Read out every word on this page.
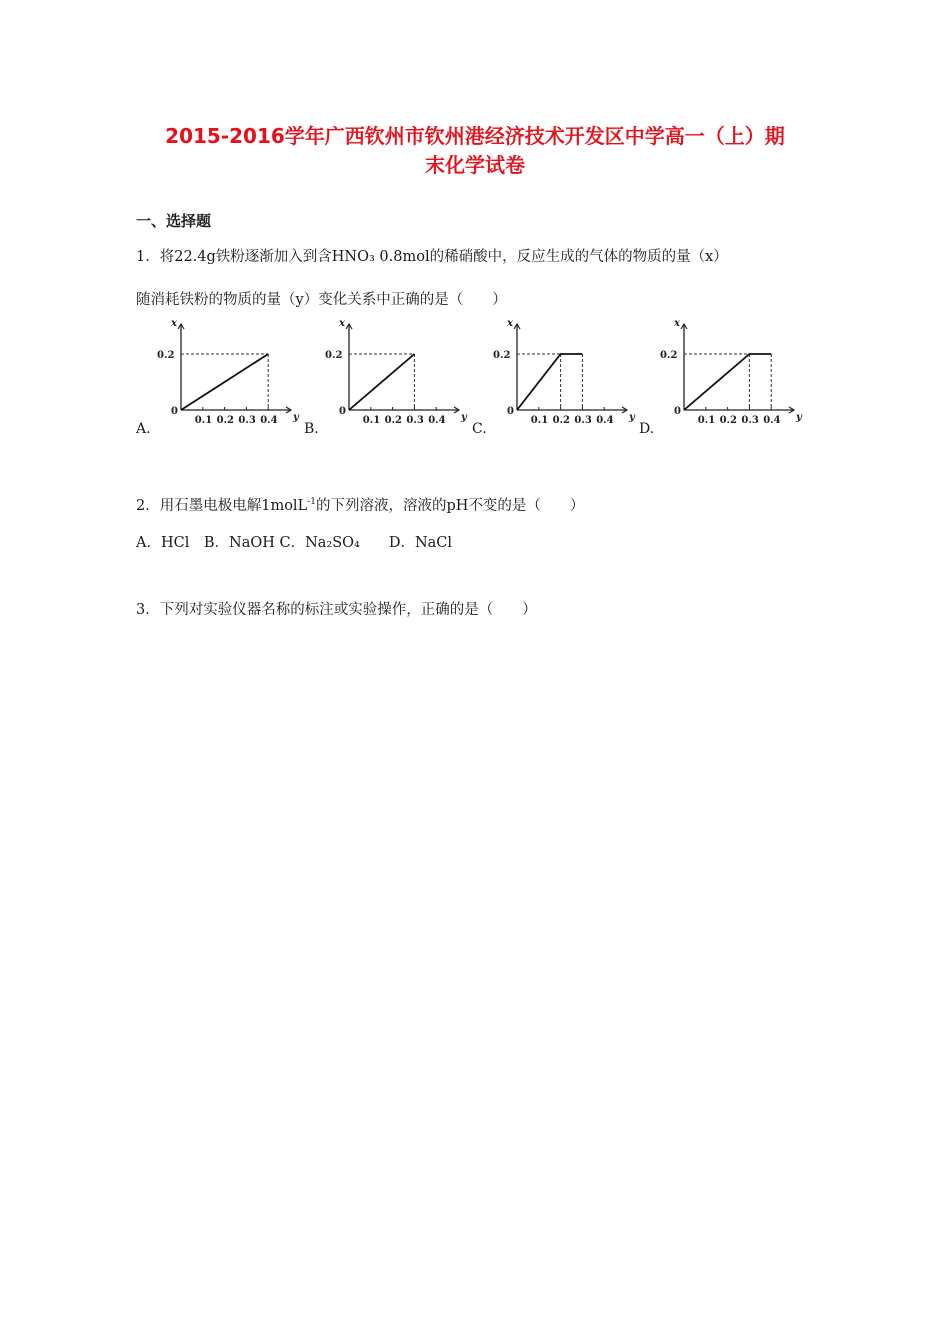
2015-2016学年广西钦州市钦州港经济技术开发区中学高一（上）期
末化学试卷
一、选择题
1．将22.4g铁粉逐渐加入到含HNO₃ 0.8mol的稀硝酸中，反应生成的气体的物质的量（x）
随消耗铁粉的物质的量（y）变化关系中正确的是（　　）
A.
y
x
0
0.1 0.2 0.3 0.4
0.2
B.
y
x
0
0.1 0.2 0.3 0.4
0.2
C.
y
x
0
0.1 0.2 0.3 0.4
0.2
D.
y
x
0
0.1 0.2 0.3 0.4
0.2
2．用石墨电极电解1molL$^{-1}$的下列溶液，溶液的pH不变的是（　　）
A．HCl　B．NaOH C．Na₂SO₄　　D．NaCl
3．下列对实验仪器名称的标注或实验操作，正确的是（　　）
